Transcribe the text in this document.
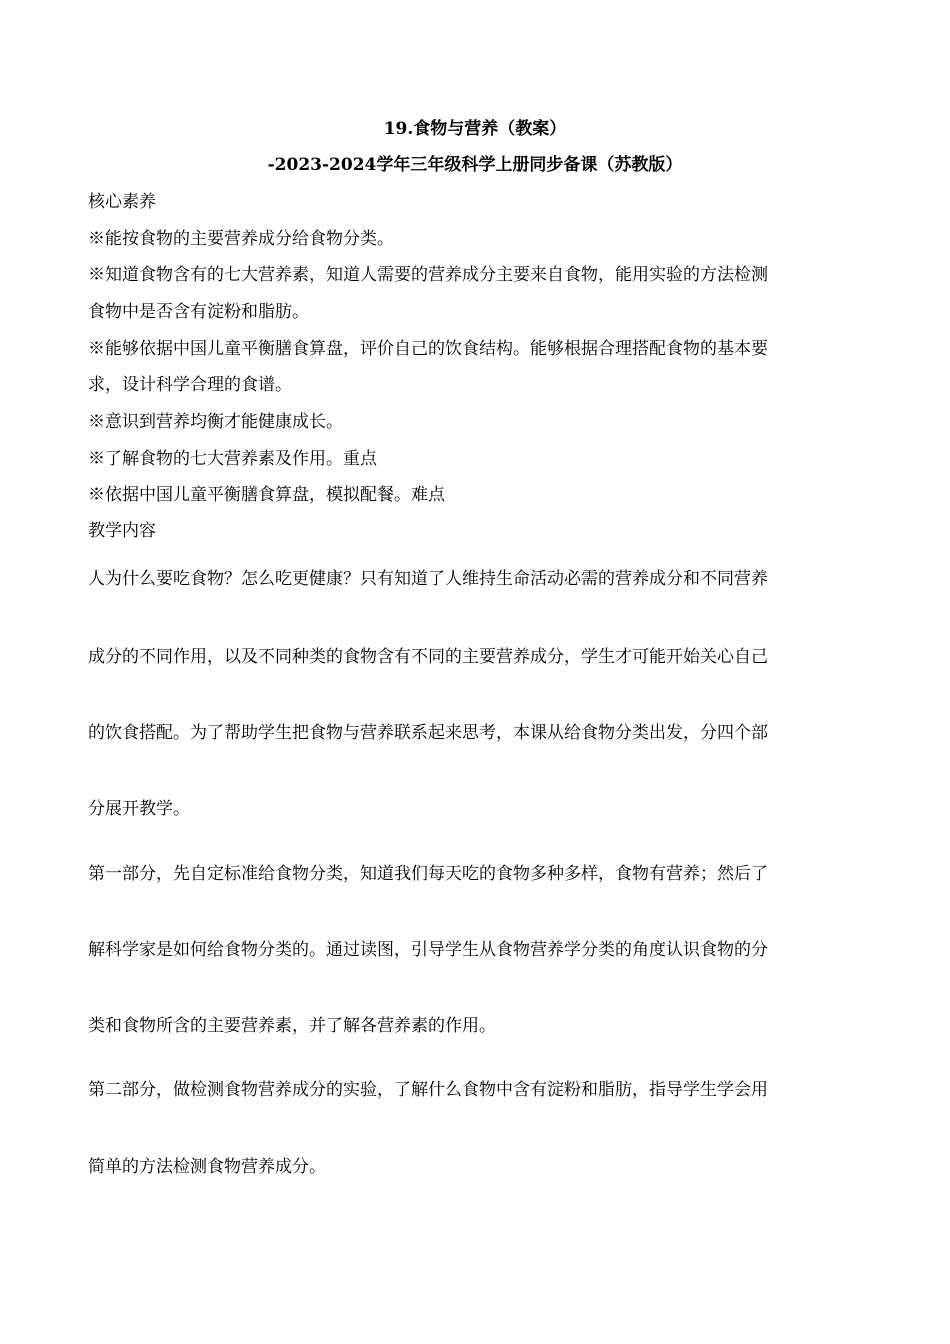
19.食物与营养（教案）
-2023-2024学年三年级科学上册同步备课（苏教版）
核心素养
※能按食物的主要营养成分给食物分类。
※知道食物含有的七大营养素，知道人需要的营养成分主要来自食物，能用实验的方法检测
食物中是否含有淀粉和脂肪。
※能够依据中国儿童平衡膳食算盘，评价自己的饮食结构。能够根据合理搭配食物的基本要
求，设计科学合理的食谱。
※意识到营养均衡才能健康成长。
※了解食物的七大营养素及作用。重点
※依据中国儿童平衡膳食算盘，模拟配餐。难点
教学内容
人为什么要吃食物？怎么吃更健康？只有知道了人维持生命活动必需的营养成分和不同营养
成分的不同作用，以及不同种类的食物含有不同的主要营养成分，学生才可能开始关心自己
的饮食搭配。为了帮助学生把食物与营养联系起来思考，本课从给食物分类出发，分四个部
分展开教学。
第一部分，先自定标准给食物分类，知道我们每天吃的食物多种多样，食物有营养；然后了
解科学家是如何给食物分类的。通过读图，引导学生从食物营养学分类的角度认识食物的分
类和食物所含的主要营养素，并了解各营养素的作用。
第二部分，做检测食物营养成分的实验，了解什么食物中含有淀粉和脂肪，指导学生学会用
简单的方法检测食物营养成分。
